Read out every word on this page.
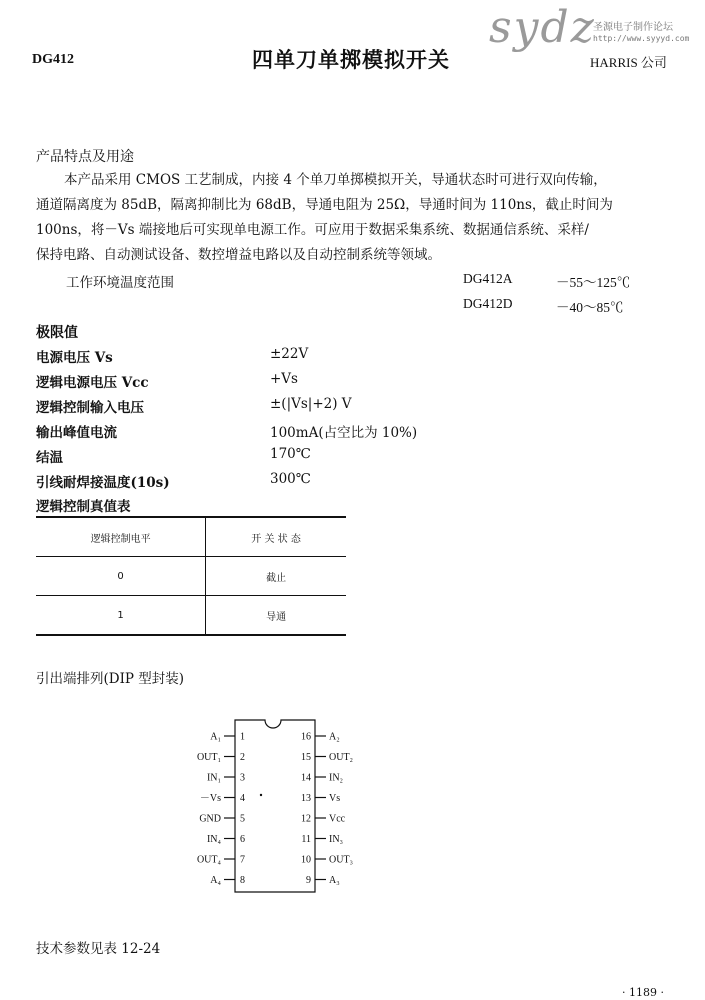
DG412	四单刀单掷模拟开关
sydz
圣源电子制作论坛
http://www.syyyd.com
HARRIS 公司
产品特点及用途

本产品采用 CMOS 工艺制成，内接 4 个单刀单掷模拟开关，导通状态时可进行双向传输，

通道隔离度为 85dB，隔离抑制比为 68dB，导通电阻为 25Ω，导通时间为 110ns，截止时间为

100ns，将－Vs 端接地后可实现单电源工作。可应用于数据采集系统、数据通信系统、采样/

保持电路、自动测试设备、数控增益电路以及自动控制系统等领域。

工作环境温度范围	DG412A	－55～125℃
DG412D	－40～85℃
极限值
电源电压 Vs	±22V
逻辑电源电压 Vcc	+Vs
逻辑控制输入电压	±(|Vs|+2) V
输出峰值电流	100mA(占空比为 10%)
结温	170℃
引线耐焊接温度(10s)	300℃
逻辑控制真值表
逻辑控制电平	开 关 状 态
0	截止
1	导通
引出端排列(DIP 型封装)
A₁ 1
OUT₁ 2
IN₁ 3
－Vs 4
GND 5
IN₄ 6
OUT₄ 7
A₄ 8
A₂
16
OUT₂
15
IN₂
14
Vs
13
Vcc
12
IN₃
11
OUT₃
10
A₃
9
技术参数见表 12-24
· 1189 ·
